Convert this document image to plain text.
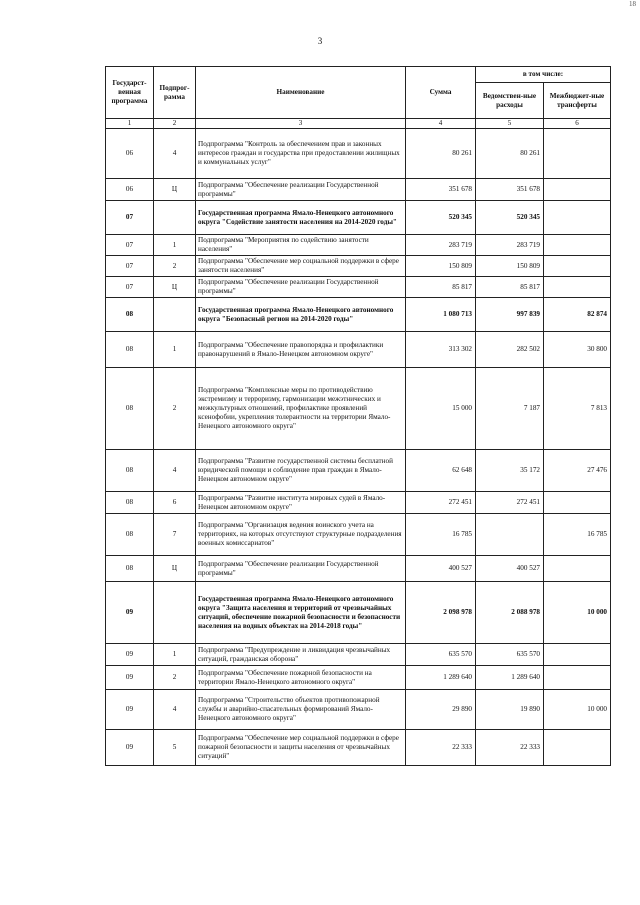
18
3
Государст-венная программа	Подпрог-рамма	Наименование	Сумма	в том числе:	
				Ведомствен-ные расходы	Межбюджет-ные трансферты
1	2	3	4	5	6
06	4	Подпрограмма "Контроль за обеспечением прав и законных интересов граждан и государства при предоставлении жилищных и коммунальных услуг"	80 261	80 261	
06	Ц	Подпрограмма "Обеспечение реализации Государственной программы"	351 678	351 678	
07		Государственная программа Ямало-Ненецкого автономного округа "Содействие занятости населения на 2014-2020 годы"	520 345	520 345	
07	1	Подпрограмма "Мероприятия по содействию занятости населения"	283 719	283 719	
07	2	Подпрограмма "Обеспечение мер социальной поддержки в сфере занятости населения"	150 809	150 809	
07	Ц	Подпрограмма "Обеспечение реализации Государственной программы"	85 817	85 817	
08		Государственная программа Ямало-Ненецкого автономного округа "Безопасный регион на 2014-2020 годы"	1 080 713	997 839	82 874
08	1	Подпрограмма "Обеспечение правопорядка и профилактики правонарушений в Ямало-Ненецком автономном округе"	313 302	282 502	30 800
08	2	Подпрограмма "Комплексные меры по противодействию экстремизму и терроризму, гармонизации межэтнических и межкультурных отношений, профилактике проявлений ксенофобии, укрепления толерантности на территории Ямало-Ненецкого автономного округа"	15 000	7 187	7 813
08	4	Подпрограмма "Развитие государственной системы бесплатной юридической помощи и соблюдение прав граждан в Ямало-Ненецком автономном округе"	62 648	35 172	27 476
08	6	Подпрограмма "Развитие института мировых судей в Ямало-Ненецком автономном округе"	272 451	272 451	
08	7	Подпрограмма "Организация ведения воинского учета на территориях, на которых отсутствуют структурные подразделения военных комиссариатов"	16 785		16 785
08	Ц	Подпрограмма "Обеспечение реализации Государственной программы"	400 527	400 527	
09		Государственная программа Ямало-Ненецкого автономного округа "Защита населения и территорий от чрезвычайных ситуаций, обеспечение пожарной безопасности и безопасности населения на водных объектах на 2014-2018 годы"	2 098 978	2 088 978	10 000
09	1	Подпрограмма "Предупреждение и ликвидация чрезвычайных ситуаций, гражданская оборона"	635 570	635 570	
09	2	Подпрограмма "Обеспечение пожарной безопасности на территории Ямало-Ненецкого автономного округа"	1 289 640	1 289 640	
09	4	Подпрограмма "Строительство объектов противопожарной службы и аварийно-спасательных формирований Ямало-Ненецкого автономного округа"	29 890	19 890	10 000
09	5	Подпрограмма "Обеспечение мер социальной поддержки в сфере пожарной безопасности и защиты населения от чрезвычайных ситуаций"	22 333	22 333	
